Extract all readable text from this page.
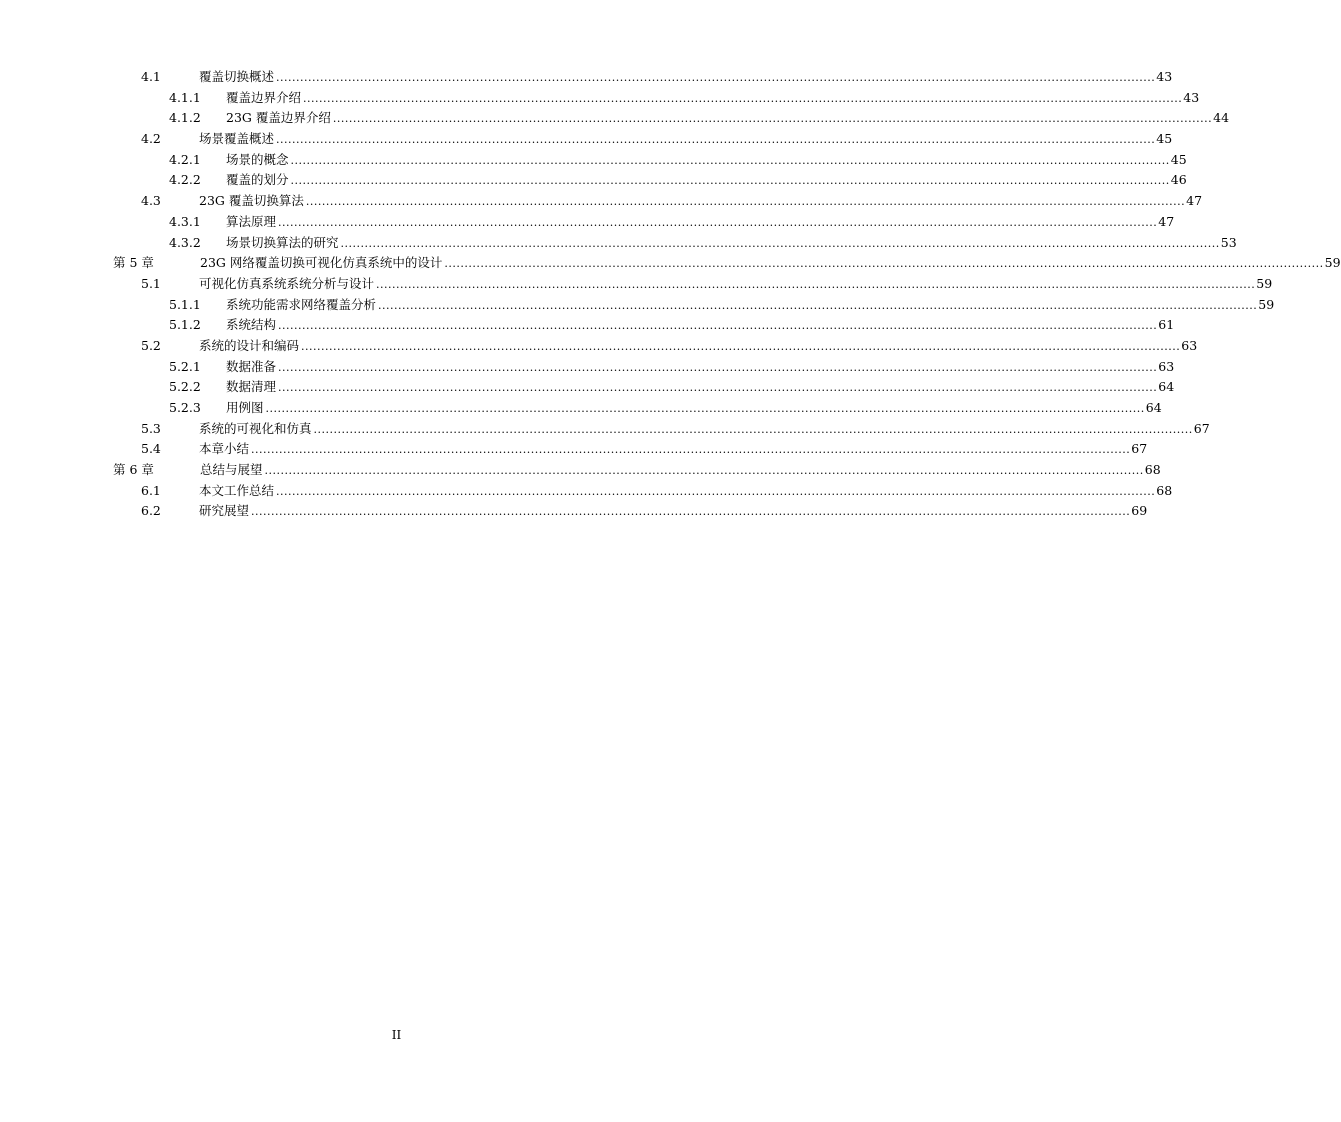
4.1	覆盖切换概述 ............................................................................................................................................................................................................................ 43
4.1.1 覆盖边界介绍 ............................................................................................................................................................................................................................ 43
4.1.2 23G 覆盖边界介绍 ............................................................................................................................................................................................................................ 44
4.2	场景覆盖概述 ............................................................................................................................................................................................................................ 45
4.2.1 场景的概念 ............................................................................................................................................................................................................................ 45
4.2.2 覆盖的划分 ............................................................................................................................................................................................................................ 46
4.3	23G 覆盖切换算法 ............................................................................................................................................................................................................................ 47
4.3.1 算法原理 ............................................................................................................................................................................................................................ 47
4.3.2 场景切换算法的研究 ............................................................................................................................................................................................................................ 53
第 5 章	23G 网络覆盖切换可视化仿真系统中的设计 ............................................................................................................................................................................................................................ 59
5.1	可视化仿真系统系统分析与设计 ............................................................................................................................................................................................................................ 59
5.1.1 系统功能需求网络覆盖分析 ............................................................................................................................................................................................................................ 59
5.1.2 系统结构 ............................................................................................................................................................................................................................ 61
5.2	系统的设计和编码 ............................................................................................................................................................................................................................ 63
5.2.1 数据准备 ............................................................................................................................................................................................................................ 63
5.2.2 数据清理 ............................................................................................................................................................................................................................ 64
5.2.3 用例图 ............................................................................................................................................................................................................................ 64
5.3	系统的可视化和仿真 ............................................................................................................................................................................................................................ 67
5.4	本章小结 ............................................................................................................................................................................................................................ 67
第 6 章	总结与展望 ............................................................................................................................................................................................................................ 68
6.1	本文工作总结 ............................................................................................................................................................................................................................ 68
6.2	研究展望 ............................................................................................................................................................................................................................ 69
II
